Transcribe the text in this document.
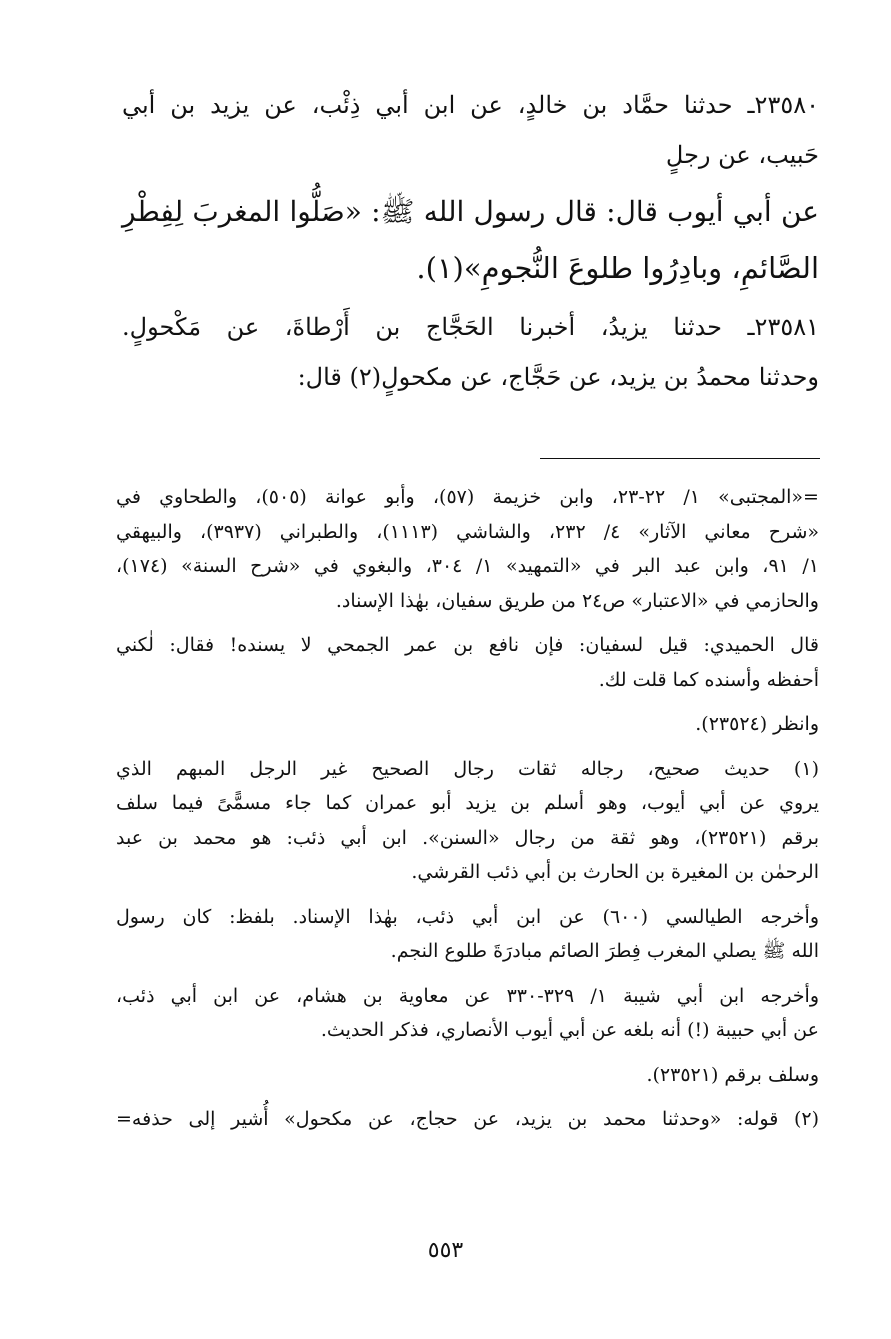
٢٣٥٨٠ـ حدثنا حمَّاد بن خالدٍ، عن ابن أبي ذِئْب، عن يزيد بن أبي
حَبيب، عن رجلٍ
عن أبي أيوب قال: قال رسول الله ﷺ: «صَلُّوا المغربَ لِفِطْرِ
الصَّائمِ، وبادِرُوا طلوعَ النُّجومِ»(١).
٢٣٥٨١ـ حدثنا يزيدُ، أخبرنا الحَجَّاج بن أَرْطاةَ، عن مَكْحولٍ.
وحدثنا محمدُ بن يزيد، عن حَجَّاج، عن مكحولٍ(٢) قال:
=«المجتبى» ١/ ٢٢-٢٣، وابن خزيمة (٥٧)، وأبو عوانة (٥٠٥)، والطحاوي في
«شرح معاني الآثار» ٤/ ٢٣٢، والشاشي (١١١٣)، والطبراني (٣٩٣٧)، والبيهقي
١/ ٩١، وابن عبد البر في «التمهيد» ١/ ٣٠٤، والبغوي في «شرح السنة» (١٧٤)،
والحازمي في «الاعتبار» ص٢٤ من طريق سفيان، بهٰذا الإسناد.
قال الحميدي: قيل لسفيان: فإن نافع بن عمر الجمحي لا يسنده! فقال: لٰكني
أحفظه وأسنده كما قلت لك.
وانظر (٢٣٥٢٤).
(١) حديث صحيح، رجاله ثقات رجال الصحيح غير الرجل المبهم الذي
يروي عن أبي أيوب، وهو أسلم بن يزيد أبو عمران كما جاء مسمًّىً فيما سلف
برقم (٢٣٥٢١)، وهو ثقة من رجال «السنن». ابن أبي ذئب: هو محمد بن عبد
الرحمٰن بن المغيرة بن الحارث بن أبي ذئب القرشي.
وأخرجه الطيالسي (٦٠٠) عن ابن أبي ذئب، بهٰذا الإسناد. بلفظ: كان رسول
الله ﷺ يصلي المغرب فِطرَ الصائم مبادرَةَ طلوع النجم.
وأخرجه ابن أبي شيبة ١/ ٣٢٩-٣٣٠ عن معاوية بن هشام، عن ابن أبي ذئب،
عن أبي حبيبة (!) أنه بلغه عن أبي أيوب الأنصاري، فذكر الحديث.
وسلف برقم (٢٣٥٢١).
(٢) قوله: «وحدثنا محمد بن يزيد، عن حجاج، عن مكحول» أُشير إلى حذفه=
٥٥٣
